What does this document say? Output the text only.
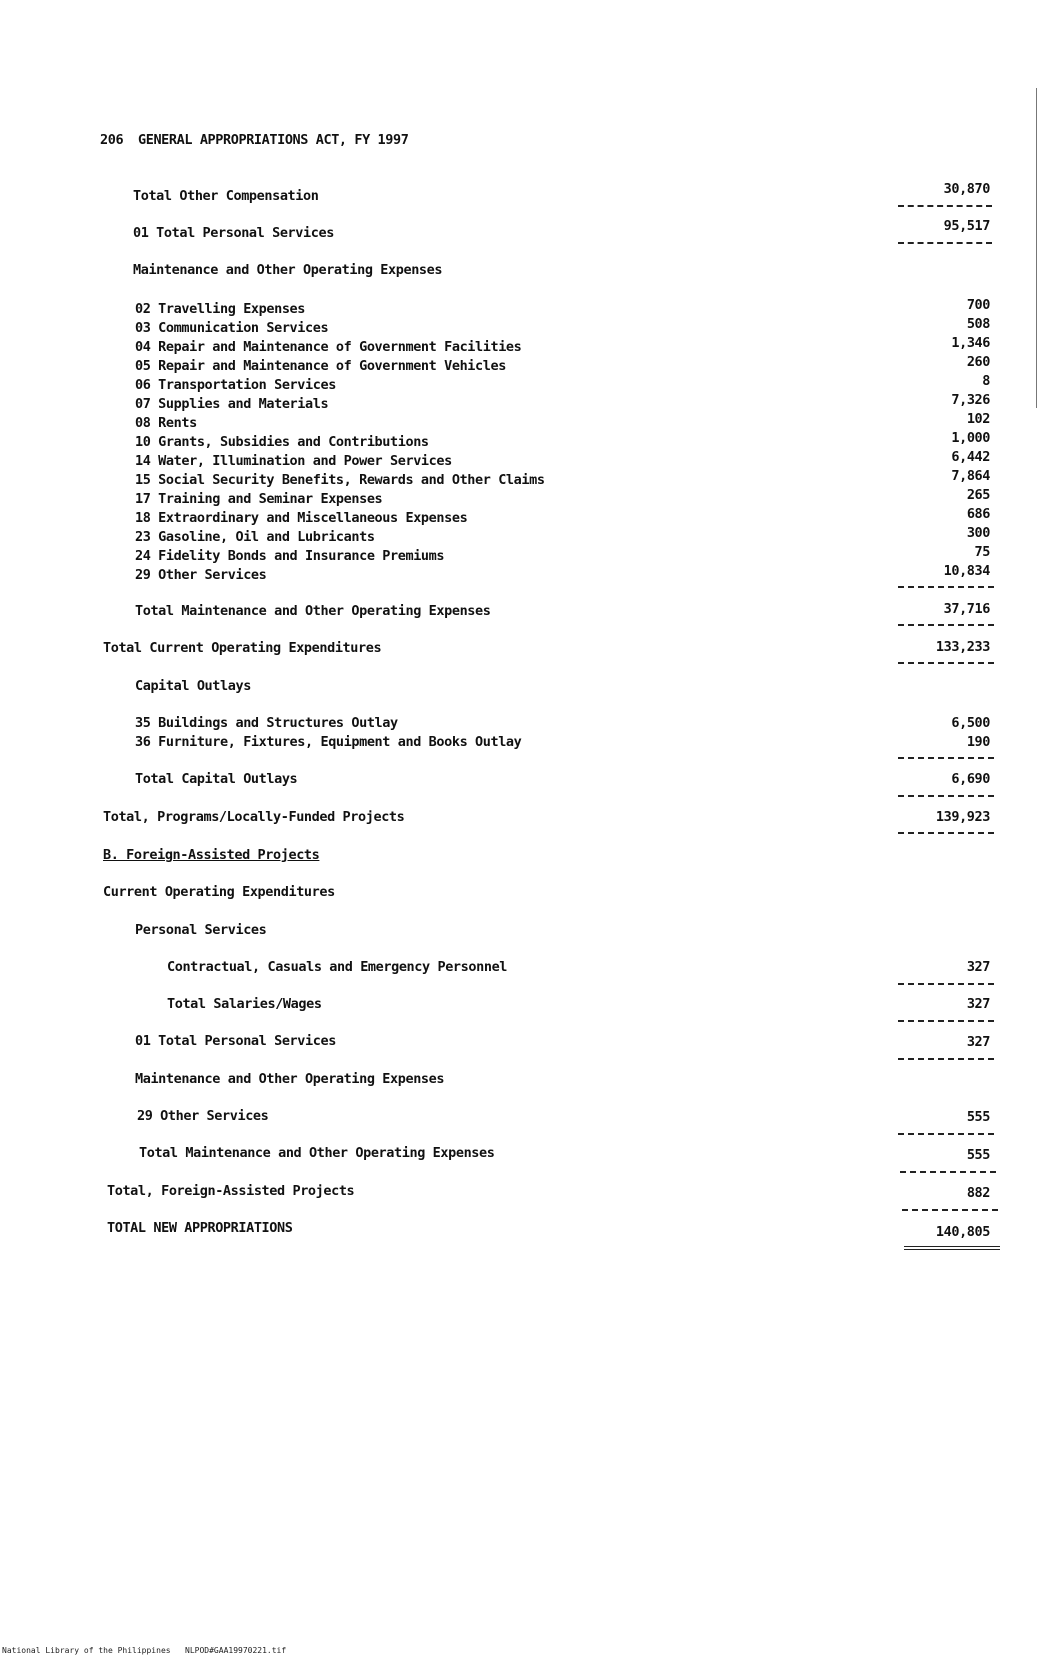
206 GENERAL APPROPRIATIONS ACT, FY 1997
Total Other Compensation	30,870
01 Total Personal Services	95,517
Maintenance and Other Operating Expenses
02 Travelling Expenses	700
03 Communication Services	508
04 Repair and Maintenance of Government Facilities	1,346
05 Repair and Maintenance of Government Vehicles	260
06 Transportation Services	8
07 Supplies and Materials	7,326
08 Rents	102
10 Grants, Subsidies and Contributions	1,000
14 Water, Illumination and Power Services	6,442
15 Social Security Benefits, Rewards and Other Claims	7,864
17 Training and Seminar Expenses	265
18 Extraordinary and Miscellaneous Expenses	686
23 Gasoline, Oil and Lubricants	300
24 Fidelity Bonds and Insurance Premiums	75
29 Other Services	10,834
Total Maintenance and Other Operating Expenses	37,716
Total Current Operating Expenditures	133,233
Capital Outlays
35 Buildings and Structures Outlay	6,500
36 Furniture, Fixtures, Equipment and Books Outlay	190
Total Capital Outlays	6,690
Total, Programs/Locally-Funded Projects	139,923
B. Foreign-Assisted Projects
Current Operating Expenditures
Personal Services
Contractual, Casuals and Emergency Personnel	327
Total Salaries/Wages	327
01 Total Personal Services	327
Maintenance and Other Operating Expenses
29 Other Services	555
Total Maintenance and Other Operating Expenses	555
Total, Foreign-Assisted Projects	882
TOTAL NEW APPROPRIATIONS	140,805
National Library of the Philippines NLPOD#GAA19970221.tif
